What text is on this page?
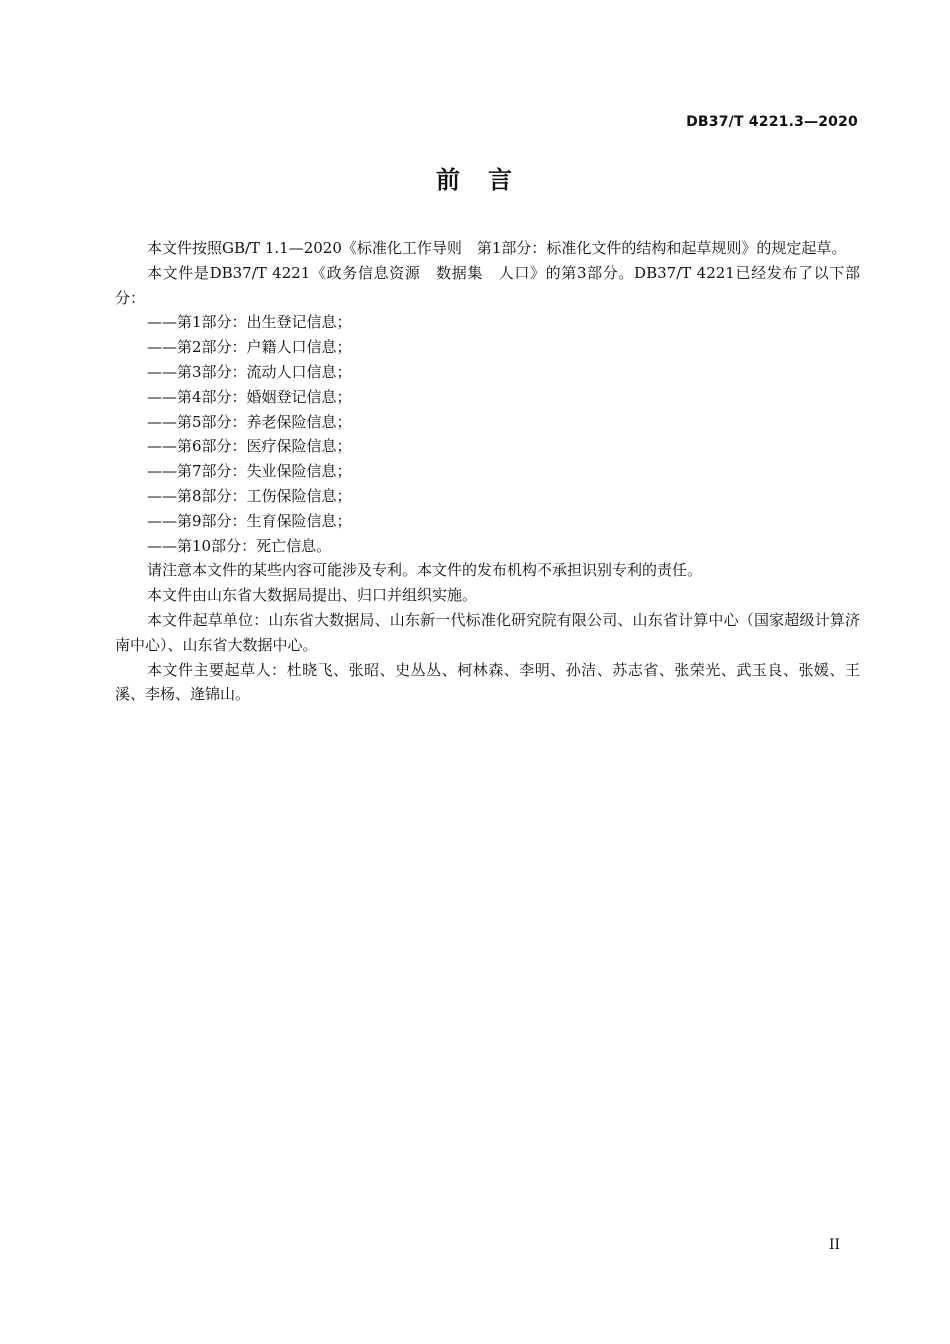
DB37/T 4221.3—2020
前 言

本文件按照GB/T 1.1—2020《标准化工作导则　第1部分：标准化文件的结构和起草规则》的规定起草。

本文件是DB37/T 4221《政务信息资源　数据集　人口》的第3部分。DB37/T 4221已经发布了以下部分：

——第1部分：出生登记信息；
——第2部分：户籍人口信息；
——第3部分：流动人口信息；
——第4部分：婚姻登记信息；
——第5部分：养老保险信息；
——第6部分：医疗保险信息；
——第7部分：失业保险信息；
——第8部分：工伤保险信息；
——第9部分：生育保险信息；
——第10部分：死亡信息。

请注意本文件的某些内容可能涉及专利。本文件的发布机构不承担识别专利的责任。

本文件由山东省大数据局提出、归口并组织实施。

本文件起草单位：山东省大数据局、山东新一代标准化研究院有限公司、山东省计算中心（国家超级计算济南中心）、山东省大数据中心。

本文件主要起草人：杜晓飞、张昭、史丛丛、柯林森、李明、孙洁、苏志省、张荣光、武玉良、张媛、王溪、李杨、逄锦山。

II
